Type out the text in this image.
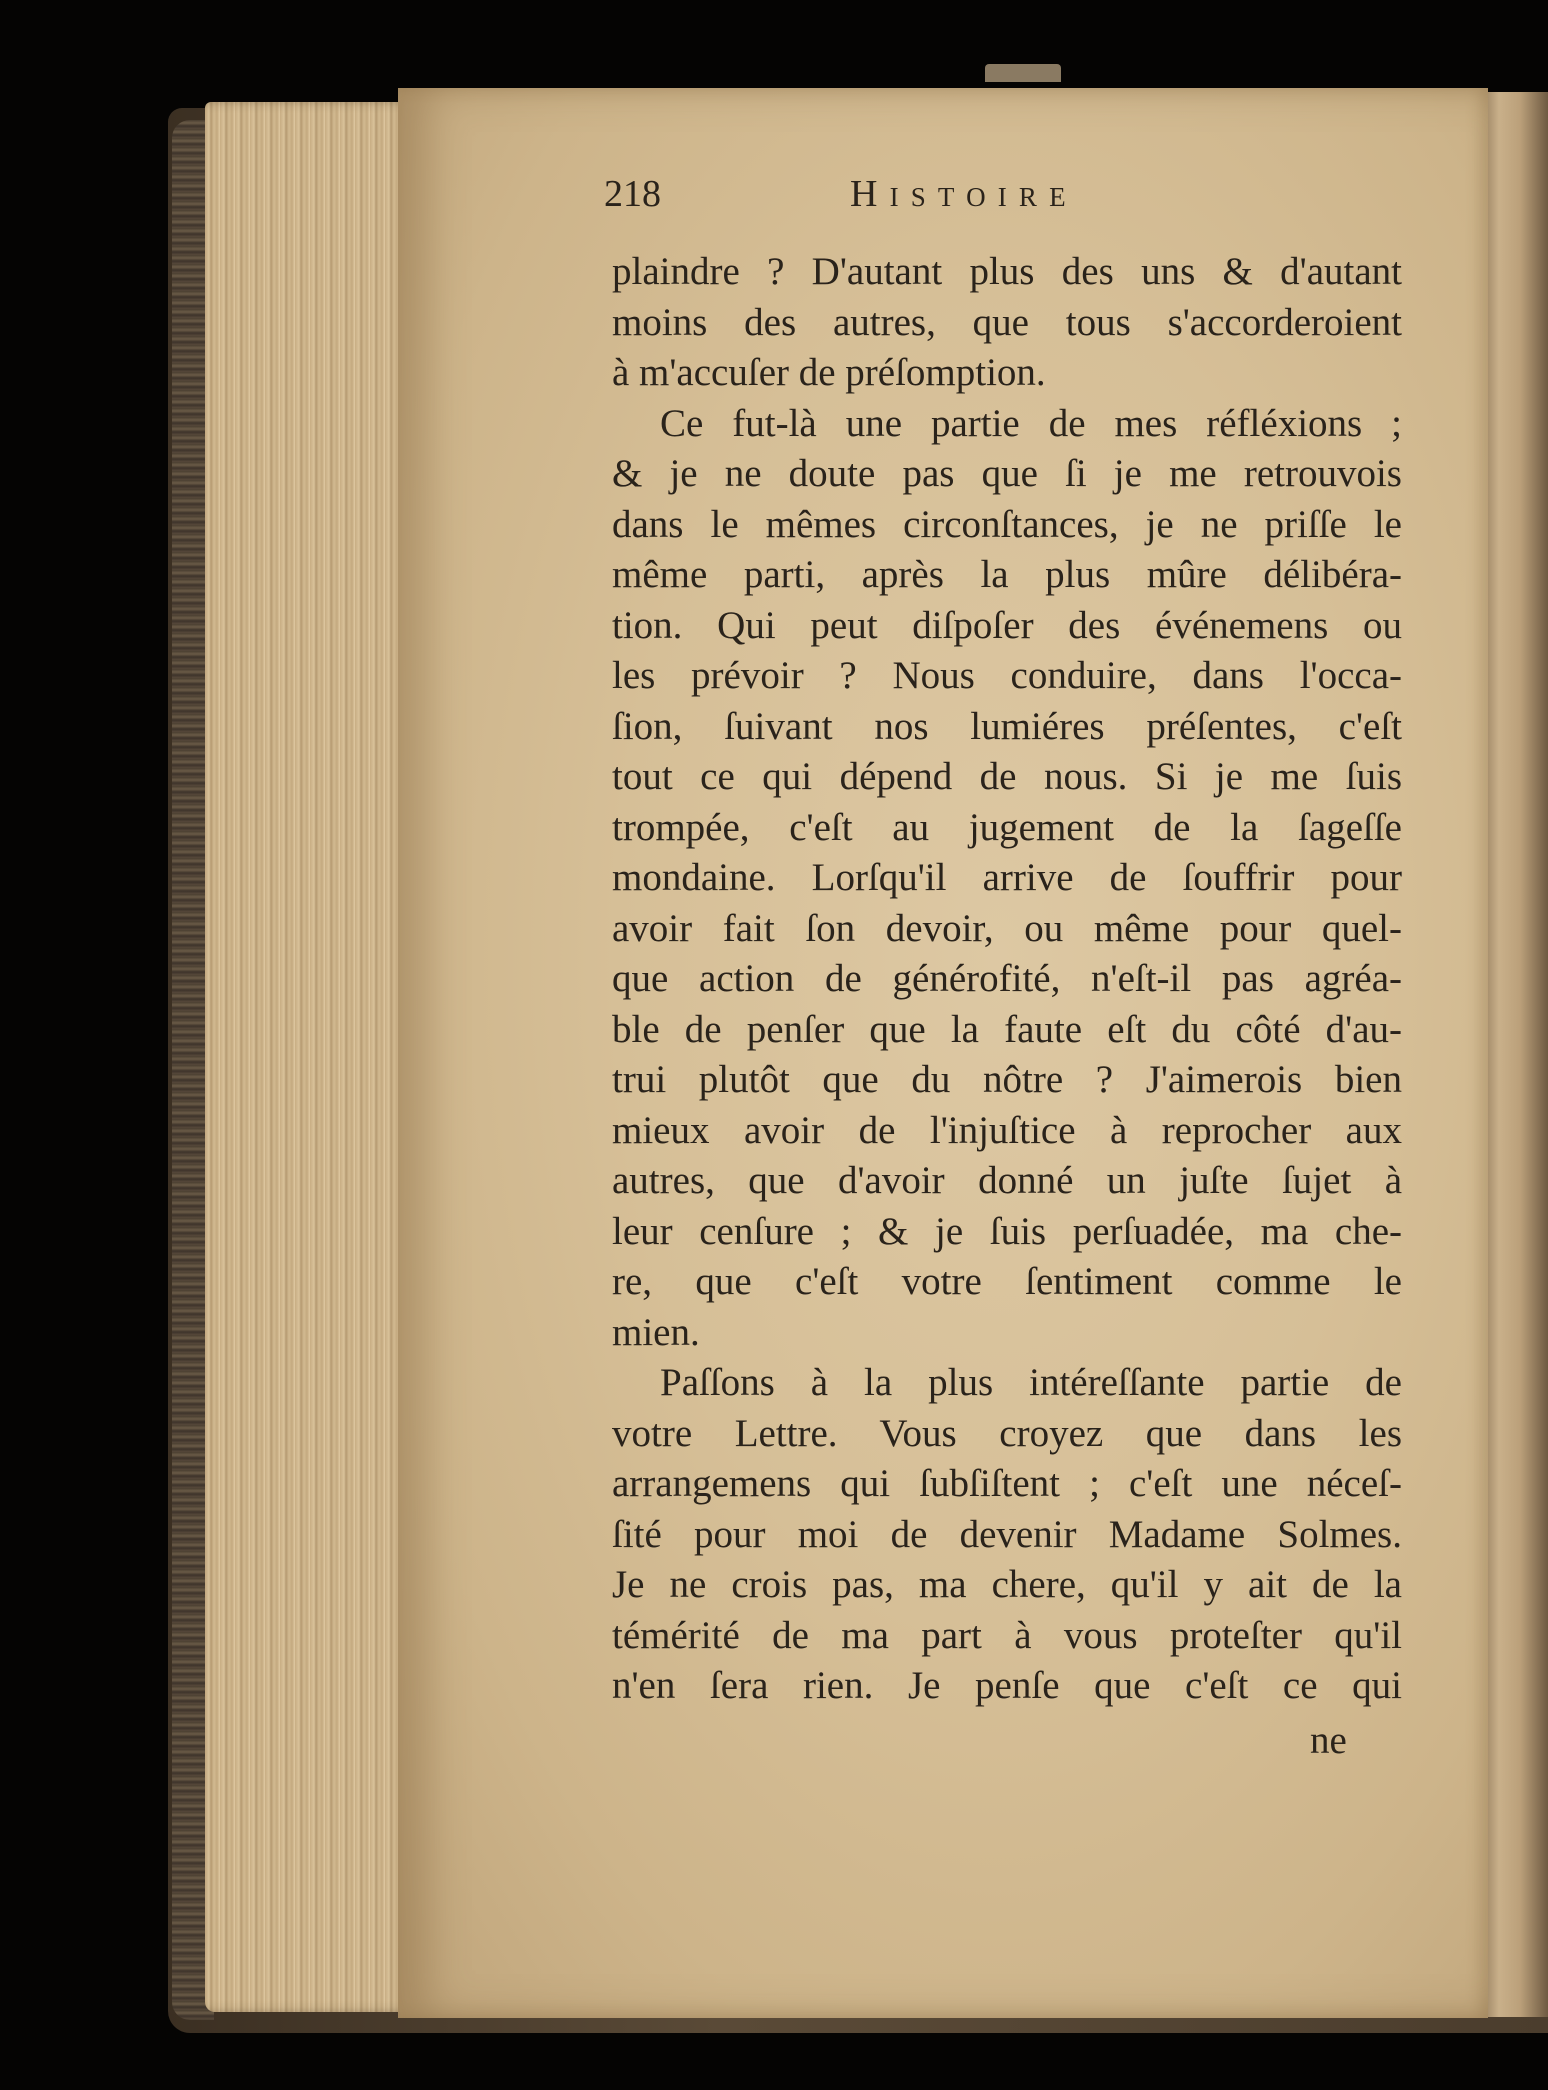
218	Histoire
plaindre ? D'autant plus des uns & d'autant
moins des autres, que tous s'accorderoient
à m'accuſer de préſomption.
Ce fut-là une partie de mes réfléxions ;
& je ne doute pas que ſi je me retrouvois
dans le mêmes circonſtances, je ne priſſe le
même parti, après la plus mûre délibéra-
tion. Qui peut diſpoſer des événemens ou
les prévoir ? Nous conduire, dans l'occa-
ſion, ſuivant nos lumiéres préſentes, c'eſt
tout ce qui dépend de nous. Si je me ſuis
trompée, c'eſt au jugement de la ſageſſe
mondaine. Lorſqu'il arrive de ſouffrir pour
avoir fait ſon devoir, ou même pour quel-
que action de générofité, n'eſt-il pas agréa-
ble de penſer que la faute eſt du côté d'au-
trui plutôt que du nôtre ? J'aimerois bien
mieux avoir de l'injuſtice à reprocher aux
autres, que d'avoir donné un juſte ſujet à
leur cenſure ; & je ſuis perſuadée, ma che-
re, que c'eſt votre ſentiment comme le
mien.
Paſſons à la plus intéreſſante partie de
votre Lettre. Vous croyez que dans les
arrangemens qui ſubſiſtent ; c'eſt une néceſ-
ſité pour moi de devenir Madame Solmes.
Je ne crois pas, ma chere, qu'il y ait de la
témérité de ma part à vous proteſter qu'il
n'en ſera rien. Je penſe que c'eſt ce qui
ne
